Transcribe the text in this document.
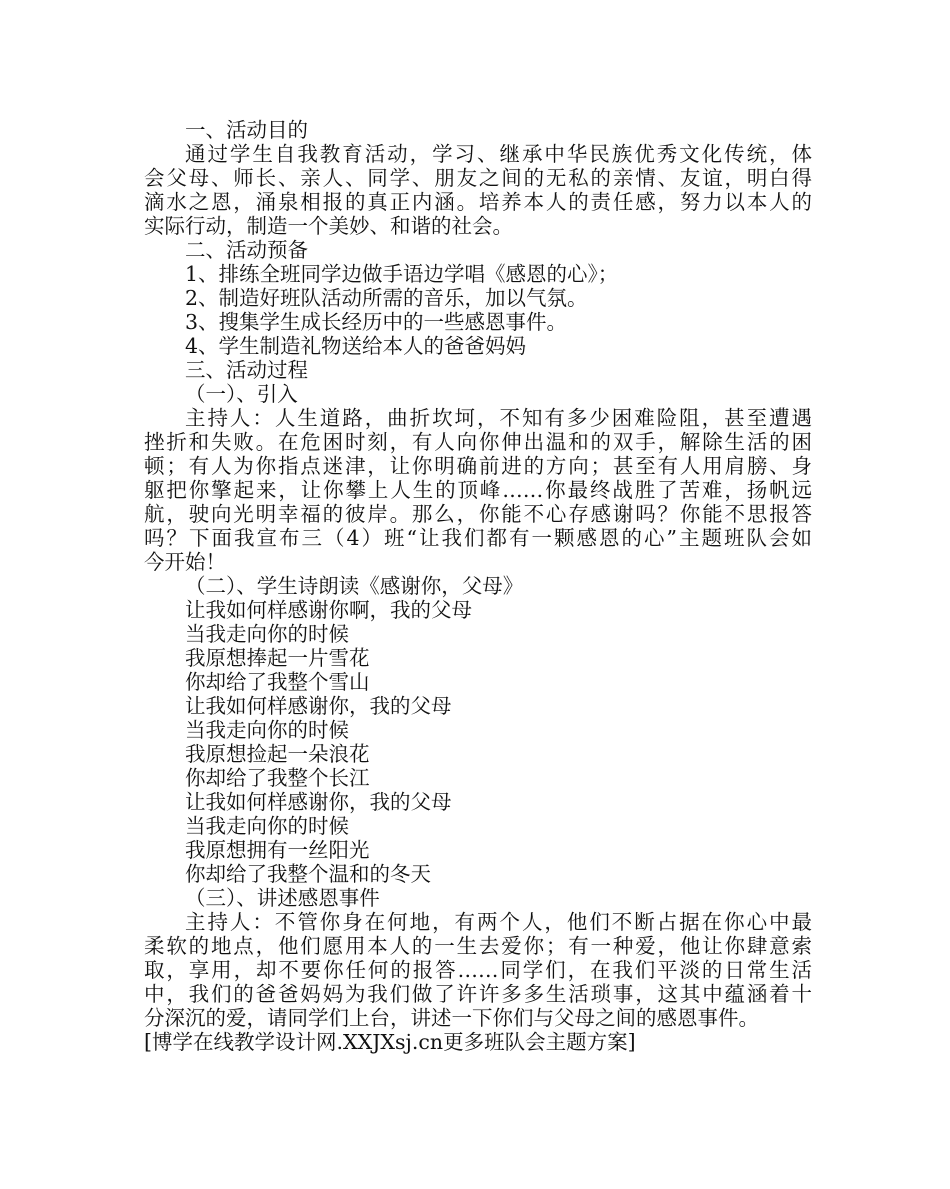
一、活动目的
通过学生自我教育活动，学习、继承中华民族优秀文化传统，体
会父母、师长、亲人、同学、朋友之间的无私的亲情、友谊，明白得
滴水之恩，涌泉相报的真正内涵。培养本人的责任感，努力以本人的
实际行动，制造一个美妙、和谐的社会。
二、活动预备
1、排练全班同学边做手语边学唱《感恩的心》；
2、制造好班队活动所需的音乐，加以气氛。
3、搜集学生成长经历中的一些感恩事件。
4、学生制造礼物送给本人的爸爸妈妈
三、活动过程
（一）、引入
主持人：人生道路，曲折坎坷，不知有多少困难险阻，甚至遭遇
挫折和失败。在危困时刻，有人向你伸出温和的双手，解除生活的困
顿；有人为你指点迷津，让你明确前进的方向；甚至有人用肩膀、身
躯把你擎起来，让你攀上人生的顶峰……你最终战胜了苦难，扬帆远
航，驶向光明幸福的彼岸。那么，你能不心存感谢吗？你能不思报答
吗？下面我宣布三（4）班“让我们都有一颗感恩的心”主题班队会如
今开始！
（二）、学生诗朗读《感谢你，父母》
让我如何样感谢你啊，我的父母
当我走向你的时候
我原想捧起一片雪花
你却给了我整个雪山
让我如何样感谢你，我的父母
当我走向你的时候
我原想捡起一朵浪花
你却给了我整个长江
让我如何样感谢你，我的父母
当我走向你的时候
我原想拥有一丝阳光
你却给了我整个温和的冬天
（三）、讲述感恩事件
主持人：不管你身在何地，有两个人，他们不断占据在你心中最
柔软的地点，他们愿用本人的一生去爱你；有一种爱，他让你肆意索
取，享用，却不要你任何的报答……同学们，在我们平淡的日常生活
中，我们的爸爸妈妈为我们做了许许多多生活琐事，这其中蕴涵着十
分深沉的爱，请同学们上台，讲述一下你们与父母之间的感恩事件。
[博学在线教学设计网.XXJXsj.cn更多班队会主题方案]
